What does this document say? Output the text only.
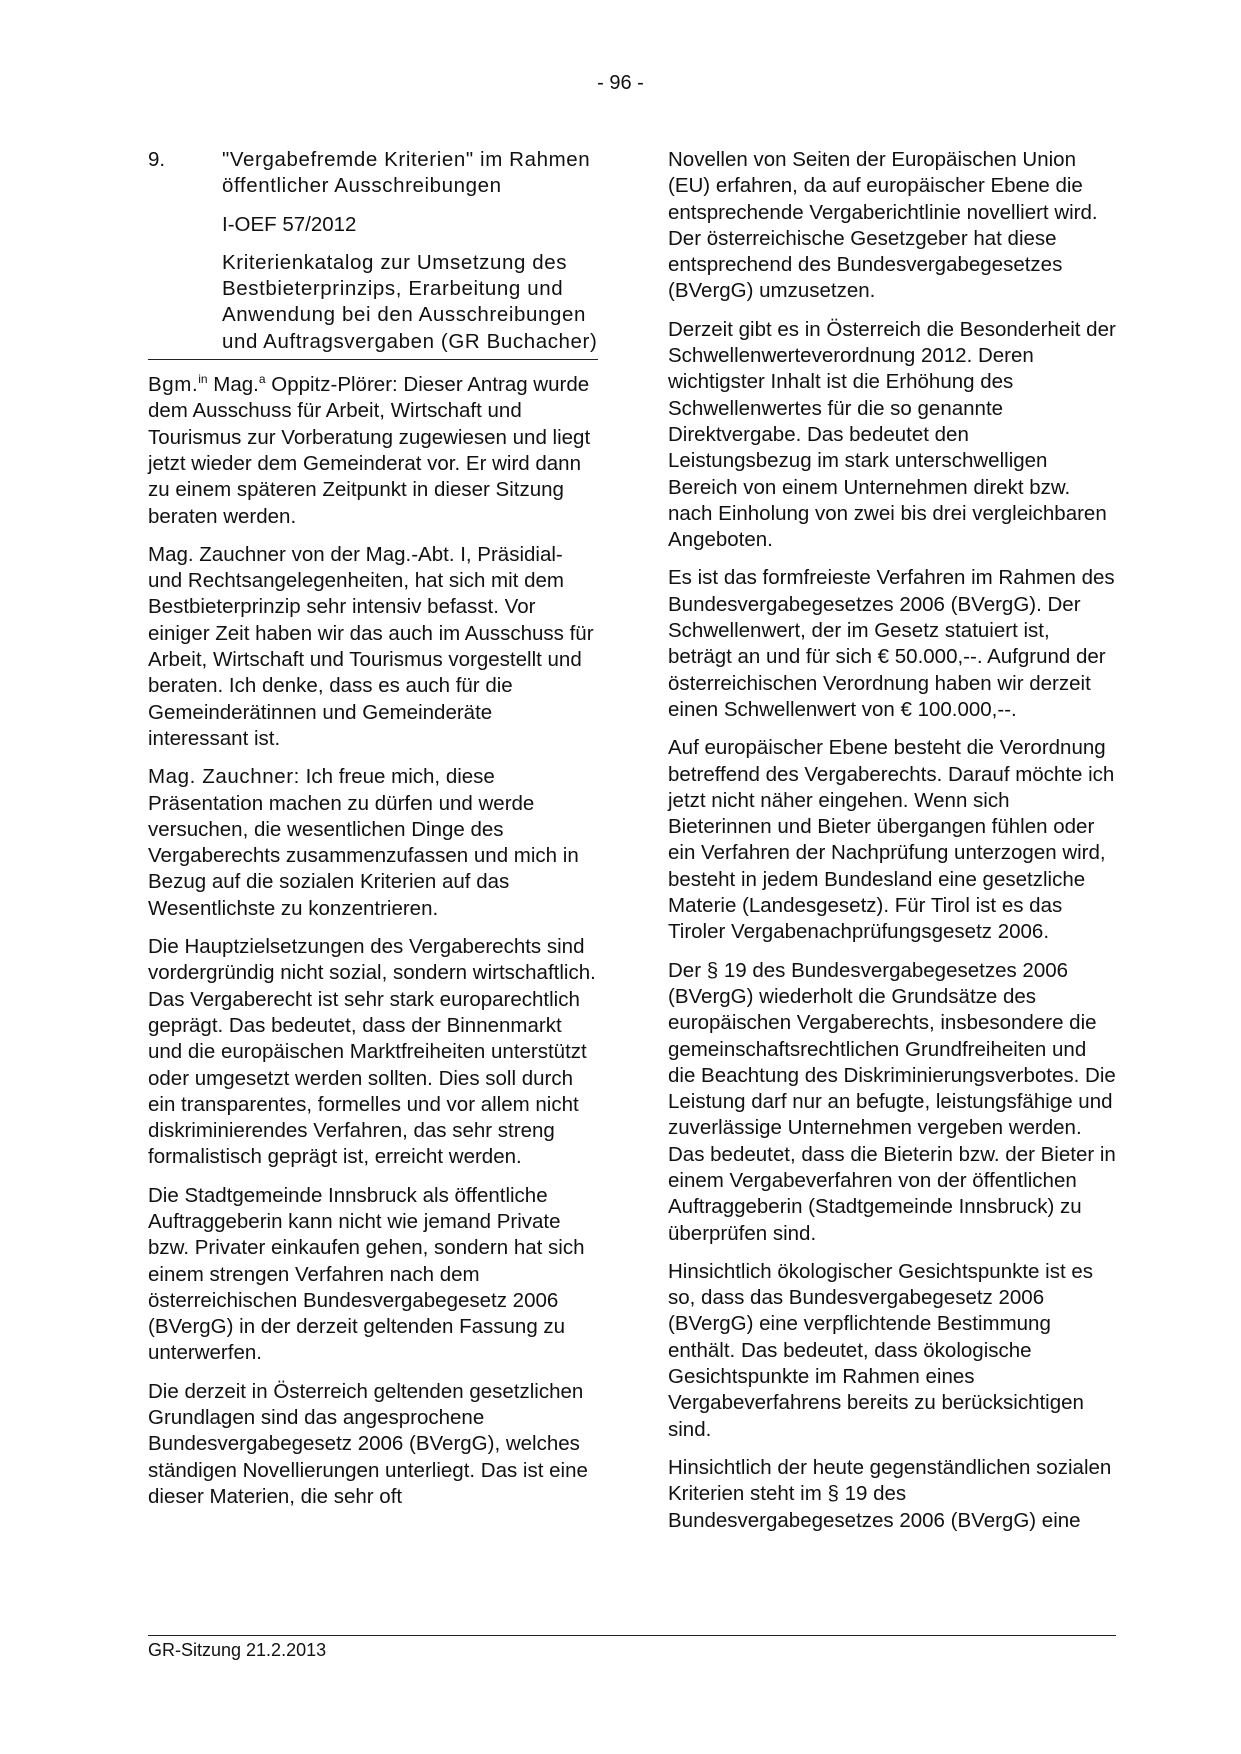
- 96 -
9.	"Vergabefremde Kriterien" im Rahmen öffentlicher Ausschreibungen
I-OEF 57/2012
Kriterienkatalog zur Umsetzung des Bestbieterprinzips, Erarbeitung und Anwendung bei den Ausschreibungen und Auftragsvergaben (GR Buchacher)

Bgm.$^{in}$ Mag.$^a$ Oppitz-Plörer: Dieser Antrag wurde dem Ausschuss für Arbeit, Wirtschaft und Tourismus zur Vorberatung zugewiesen und liegt jetzt wieder dem Gemeinderat vor. Er wird dann zu einem späteren Zeitpunkt in dieser Sitzung beraten werden.

Mag. Zauchner von der Mag.-Abt. I, Präsidial- und Rechtsangelegenheiten, hat sich mit dem Bestbieterprinzip sehr intensiv befasst. Vor einiger Zeit haben wir das auch im Ausschuss für Arbeit, Wirtschaft und Tourismus vorgestellt und beraten. Ich denke, dass es auch für die Gemeinderätinnen und Gemeinderäte interessant ist.

Mag. Zauchner: Ich freue mich, diese Präsentation machen zu dürfen und werde versuchen, die wesentlichen Dinge des Vergaberechts zusammenzufassen und mich in Bezug auf die sozialen Kriterien auf das Wesentlichste zu konzentrieren.

Die Hauptzielsetzungen des Vergaberechts sind vordergründig nicht sozial, sondern wirtschaftlich. Das Vergaberecht ist sehr stark europarechtlich geprägt. Das bedeutet, dass der Binnenmarkt und die europäischen Marktfreiheiten unterstützt oder umgesetzt werden sollten. Dies soll durch ein transparentes, formelles und vor allem nicht diskriminierendes Verfahren, das sehr streng formalistisch geprägt ist, erreicht werden.

Die Stadtgemeinde Innsbruck als öffentliche Auftraggeberin kann nicht wie jemand Private bzw. Privater einkaufen gehen, sondern hat sich einem strengen Verfahren nach dem österreichischen Bundesvergabegesetz 2006 (BVergG) in der derzeit geltenden Fassung zu unterwerfen.

Die derzeit in Österreich geltenden gesetzlichen Grundlagen sind das angesprochene Bundesvergabegesetz 2006 (BVergG), welches ständigen Novellierungen unterliegt. Das ist eine dieser Materien, die sehr oft

Novellen von Seiten der Europäischen Union (EU) erfahren, da auf europäischer Ebene die entsprechende Vergaberichtlinie novelliert wird. Der österreichische Gesetzgeber hat diese entsprechend des Bundesvergabegesetzes (BVergG) umzusetzen.

Derzeit gibt es in Österreich die Besonderheit der Schwellenwerteverordnung 2012. Deren wichtigster Inhalt ist die Erhöhung des Schwellenwertes für die so genannte Direktvergabe. Das bedeutet den Leistungsbezug im stark unterschwelligen Bereich von einem Unternehmen direkt bzw. nach Einholung von zwei bis drei vergleichbaren Angeboten.

Es ist das formfreieste Verfahren im Rahmen des Bundesvergabegesetzes 2006 (BVergG). Der Schwellenwert, der im Gesetz statuiert ist, beträgt an und für sich € 50.000,--. Aufgrund der österreichischen Verordnung haben wir derzeit einen Schwellenwert von € 100.000,--.

Auf europäischer Ebene besteht die Verordnung betreffend des Vergaberechts. Darauf möchte ich jetzt nicht näher eingehen. Wenn sich Bieterinnen und Bieter übergangen fühlen oder ein Verfahren der Nachprüfung unterzogen wird, besteht in jedem Bundesland eine gesetzliche Materie (Landesgesetz). Für Tirol ist es das Tiroler Vergabenachprüfungsgesetz 2006.

Der § 19 des Bundesvergabegesetzes 2006 (BVergG) wiederholt die Grundsätze des europäischen Vergaberechts, insbesondere die gemeinschaftsrechtlichen Grundfreiheiten und die Beachtung des Diskriminierungsverbotes. Die Leistung darf nur an befugte, leistungsfähige und zuverlässige Unternehmen vergeben werden. Das bedeutet, dass die Bieterin bzw. der Bieter in einem Vergabeverfahren von der öffentlichen Auftraggeberin (Stadtgemeinde Innsbruck) zu überprüfen sind.

Hinsichtlich ökologischer Gesichtspunkte ist es so, dass das Bundesvergabegesetz 2006 (BVergG) eine verpflichtende Bestimmung enthält. Das bedeutet, dass ökologische Gesichtspunkte im Rahmen eines Vergabeverfahrens bereits zu berücksichtigen sind.

Hinsichtlich der heute gegenständlichen sozialen Kriterien steht im § 19 des Bundesvergabegesetzes 2006 (BVergG) eine

GR-Sitzung 21.2.2013
